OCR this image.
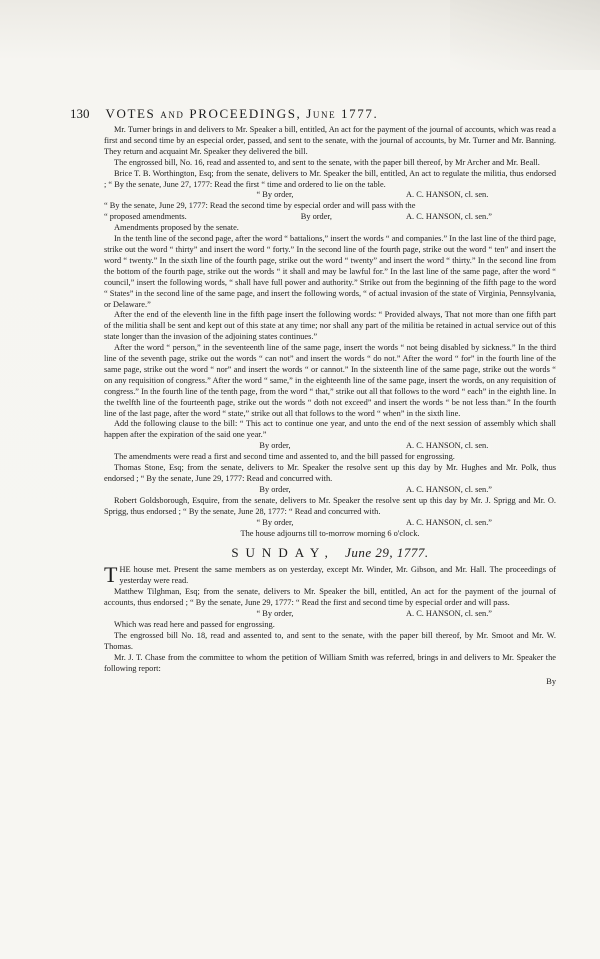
130 VOTES and PROCEEDINGS, June 1777.

Mr. Turner brings in and delivers to Mr. Speaker a bill, entitled, An act for the payment of the journal of accounts, which was read a first and second time by an especial order, passed, and sent to the senate, with the journal of accounts, by Mr. Turner and Mr. Banning. They return and acquaint Mr. Speaker they delivered the bill.

The engrossed bill, No. 16, read and assented to, and sent to the senate, with the paper bill thereof, by Mr Archer and Mr. Beall.

Brice T. B. Worthington, Esq; from the senate, delivers to Mr. Speaker the bill, entitled, An act to regulate the militia, thus endorsed ; “ By the senate, June 27, 1777: Read the first “ time and ordered to lie on the table.

“ By order,	A. C. HANSON, cl. sen.

“ By the senate, June 29, 1777: Read the second time by especial order and will pass with the

“ proposed amendments.	By order,	A. C. HANSON, cl. sen.”

Amendments proposed by the senate.

In the tenth line of the second page, after the word “ battalions,” insert the words “ and companies.” In the last line of the third page, strike out the word “ thirty” and insert the word “ forty.” In the second line of the fourth page, strike out the word “ ten” and insert the word “ twenty.” In the sixth line of the fourth page, strike out the word “ twenty” and insert the word “ thirty.” In the second line from the bottom of the fourth page, strike out the words “ it shall and may be lawful for.” In the last line of the same page, after the word “ council,” insert the following words, “ shall have full power and authority.” Strike out from the beginning of the fifth page to the word “ States” in the second line of the same page, and insert the following words, “ of actual invasion of the state of Virginia, Pennsylvania, or Delaware.”

After the end of the eleventh line in the fifth page insert the following words: “ Provided always, That not more than one fifth part of the militia shall be sent and kept out of this state at any time; nor shall any part of the militia be retained in actual service out of this state longer than the invasion of the adjoining states continues.”

After the word “ person,” in the seventeenth line of the same page, insert the words “ not being disabled by sickness.” In the third line of the seventh page, strike out the words “ can not” and insert the words “ do not.” After the word “ for” in the fourth line of the same page, strike out the word “ nor” and insert the words “ or cannot.” In the sixteenth line of the same page, strike out the words “ on any requisition of congress.” After the word “ same,” in the eighteenth line of the same page, insert the words, on any requisition of congress.” In the fourth line of the tenth page, from the word “ that,” strike out all that follows to the word “ each” in the eighth line. In the twelfth line of the fourteenth page, strike out the words “ doth not exceed” and insert the words “ be not less than.” In the fourth line of the last page, after the word “ state,” strike out all that follows to the word “ when” in the sixth line.

Add the following clause to the bill: “ This act to continue one year, and unto the end of the next session of assembly which shall happen after the expiration of the said one year.”

By order,	A. C. HANSON, cl. sen.

The amendments were read a first and second time and assented to, and the bill passed for engrossing.

Thomas Stone, Esq; from the senate, delivers to Mr. Speaker the resolve sent up this day by Mr. Hughes and Mr. Polk, thus endorsed ; “ By the senate, June 29, 1777: Read and concurred with.

By order,	A. C. HANSON, cl. sen.”

Robert Goldsborough, Esquire, from the senate, delivers to Mr. Speaker the resolve sent up this day by Mr. J. Sprigg and Mr. O. Sprigg, thus endorsed ; “ By the senate, June 28, 1777: “ Read and concurred with.

“ By order,	A. C. HANSON, cl. sen.”

The house adjourns till to-morrow morning 6 o'clock.

SUNDAY, June 29, 1777.

THE house met. Present the same members as on yesterday, except Mr. Winder, Mr. Gibson, and Mr. Hall. The proceedings of yesterday were read.

Matthew Tilghman, Esq; from the senate, delivers to Mr. Speaker the bill, entitled, An act for the payment of the journal of accounts, thus endorsed ; “ By the senate, June 29, 1777: “ Read the first and second time by especial order and will pass.

“ By order,	A. C. HANSON, cl. sen.”

Which was read here and passed for engrossing.

The engrossed bill No. 18, read and assented to, and sent to the senate, with the paper bill thereof, by Mr. Smoot and Mr. W. Thomas.

Mr. J. T. Chase from the committee to whom the petition of William Smith was referred, brings in and delivers to Mr. Speaker the following report:

By
